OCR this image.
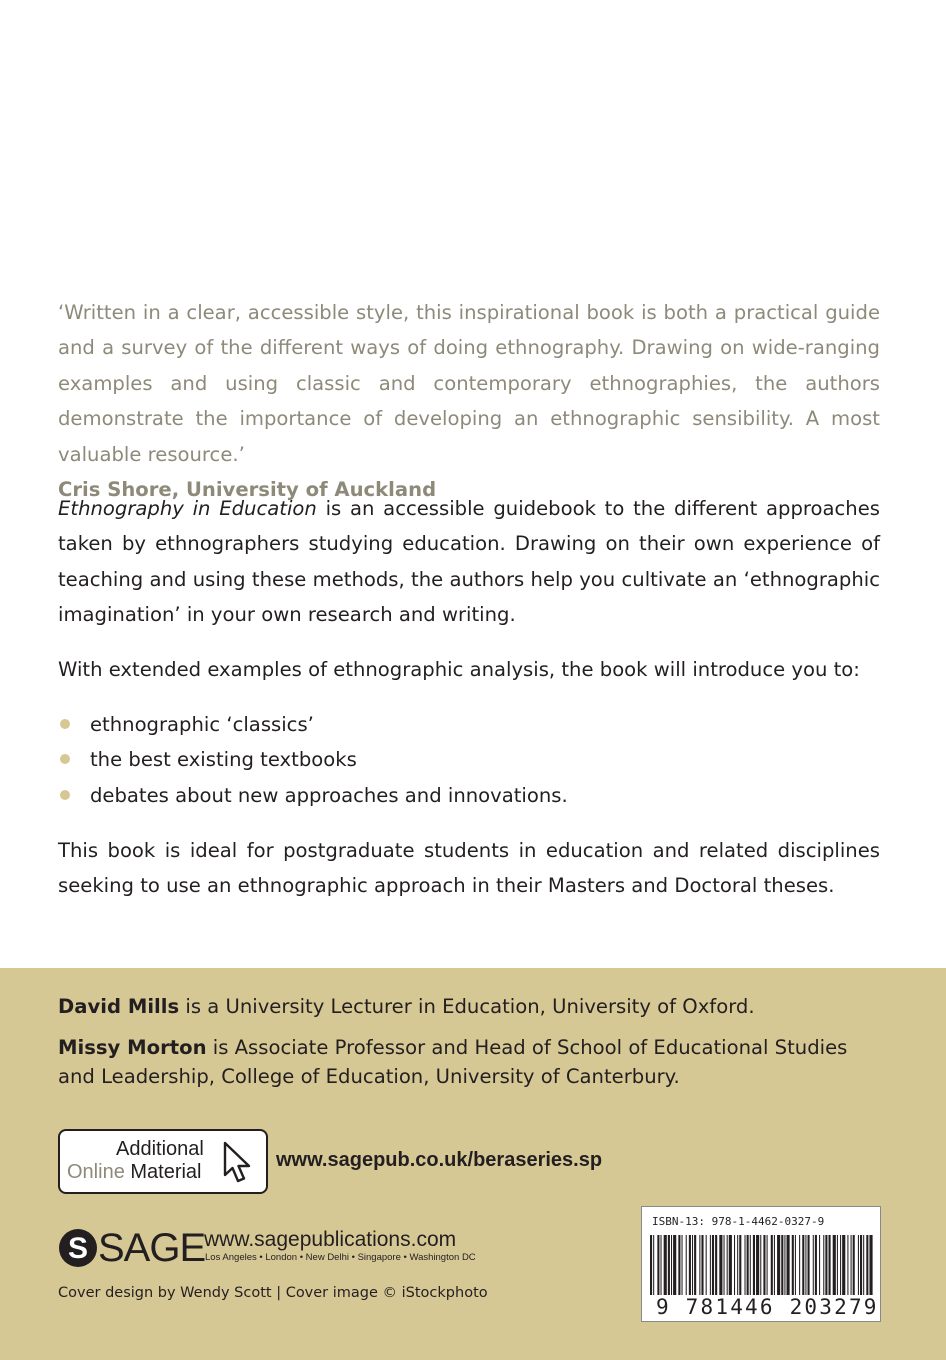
‘Written in a clear, accessible style, this inspirational book is both a practical guide and a survey of the different ways of doing ethnography. Drawing on wide-ranging examples and using classic and contemporary ethnographies, the authors demonstrate the importance of developing an ethnographic sensibility. A most valuable resource.’
Cris Shore, University of Auckland
Ethnography in Education is an accessible guidebook to the different approaches taken by ethnographers studying education. Drawing on their own experience of teaching and using these methods, the authors help you cultivate an ‘ethnographic imagination’ in your own research and writing.
With extended examples of ethnographic analysis, the book will introduce you to:
ethnographic ‘classics’
the best existing textbooks
debates about new approaches and innovations.
This book is ideal for postgraduate students in education and related disciplines seeking to use an ethnographic approach in their Masters and Doctoral theses.
David Mills is a University Lecturer in Education, University of Oxford.
Missy Morton is Associate Professor and Head of School of Educational Studies and Leadership, College of Education, University of Canterbury.
Additional
Online Material
www.sagepub.co.uk/beraseries.sp
S SAGE
www.sagepublications.com
Los Angeles • London • New Delhi • Singapore • Washington DC
Cover design by Wendy Scott | Cover image © iStockphoto
ISBN-13: 978-1-4462-0327-9
9 781446 203279
